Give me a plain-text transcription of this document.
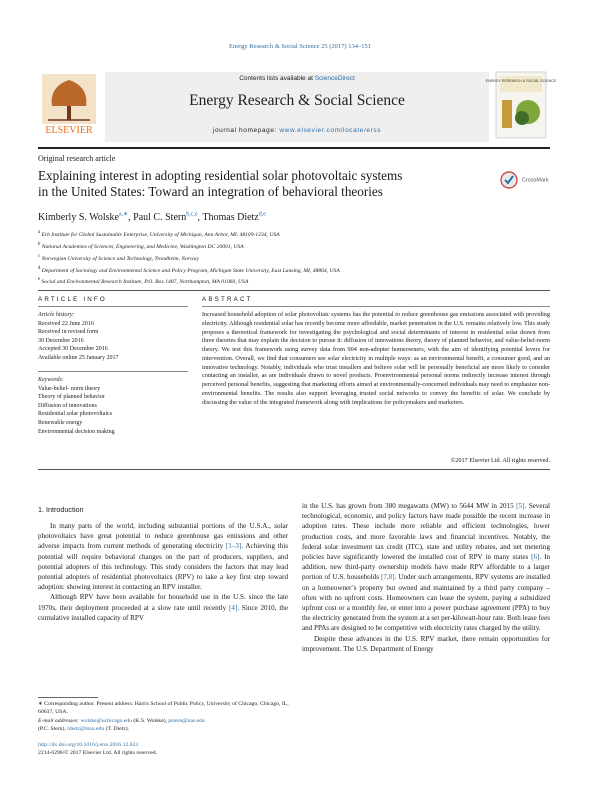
Energy Research & Social Science 25 (2017) 134–151
ELSEVIER
Contents lists available at ScienceDirect
Energy Research & Social Science
journal homepage: www.elsevier.com/locate/erss
ENERGY RESEARCH & SOCIAL SCIENCE
Original research article
Explaining interest in adopting residential solar photovoltaic systems
in the United States: Toward an integration of behavioral theories
CrossMark
Kimberly S. Wolske$^{a,∗}$, Paul C. Stern$^{b,c,e}$, Thomas Dietz$^{d,e}$
$^a$ Erb Institute for Global Sustainable Enterprise, University of Michigan, Ann Arbor, MI, 48109-1234, USA
$^b$ National Academies of Sciences, Engineering, and Medicine, Washington DC 20001, USA
$^c$ Norwegian University of Science and Technology, Trondheim, Norway
$^d$ Department of Sociology and Environmental Science and Policy Program, Michigan State University, East Lansing, MI, 48864, USA
$^e$ Social and Environmental Research Institute, P.O. Box 1487, Northampton, MA 01060, USA
ARTICLE INFO	ABSTRACT
Article history:
Received 22 June 2016
Received in revised form
30 December 2016
Accepted 30 December 2016
Available online 25 January 2017
Keywords:
Value-belief- norm theory
Theory of planned behavior
Diffusion of innovations
Residential solar photovoltaics
Renewable energy
Environmental decision making
Increased household adoption of solar photovoltaic systems has the potential to reduce greenhouse gas emissions associated with providing electricity. Although residential solar has recently become more affordable, market penetration in the U.S. remains relatively low. This study proposes a theoretical framework for investigating the psychological and social determinants of interest in residential solar drawn from three theories that may explain the decision to pursue it: diffusion of innovations theory, theory of planned behavior, and value-belief-norm theory. We test this framework using survey data from 904 non-adopter homeowners, with the aim of identifying potential levers for intervention. Overall, we find that consumers see solar electricity in multiple ways: as an environmental benefit, a consumer good, and an innovative technology. Notably, individuals who trust installers and believe solar will be personally beneficial are more likely to consider contacting an installer, as are individuals drawn to novel products. Proenvironmental personal norms indirectly increase interest through perceived personal benefits, suggesting that marketing efforts aimed at environmentally-concerned individuals may need to emphasize non-environmental benefits. The results also support leveraging trusted social networks to convey the benefits of solar. We conclude by discussing the value of the integrated framework along with implications for policymakers and marketers.
©2017 Elsevier Ltd. All rights reserved.
1. Introduction

In many parts of the world, including substantial portions of the U.S.A., solar photovoltaics have great potential to reduce greenhouse gas emissions and other adverse impacts from current methods of generating electricity [1–3]. Achieving this potential will require behavioral changes on the part of producers, suppliers, and potential adopters of this technology. This study considers the factors that may lead potential adopters of residential photovoltaics (RPV) to take a key first step toward adoption: showing interest in contacting an RPV installer.

Although RPV have been available for household use in the U.S. since the late 1970s, their deployment proceeded at a slow rate until recently [4]. Since 2010, the cumulative installed capacity of RPV

in the U.S. has grown from 380 megawatts (MW) to 5644 MW in 2015 [5]. Several technological, economic, and policy factors have made possible the recent increase in adoption rates. These include more reliable and efficient technologies, lower production costs, and more favorable laws and financial incentives. Notably, the federal solar investment tax credit (ITC), state and utility rebates, and net metering policies have significantly lowered the installed cost of RPV in many states [6]. In addition, new third-party ownership models have made RPV affordable to a larger portion of U.S. households [7,8]. Under such arrangements, RPV systems are installed on a homeowner’s property but owned and maintained by a third party company – often with no upfront costs. Homeowners can lease the system, paying a subsidized upfront cost or a monthly fee, or enter into a power purchase agreement (PPA) to buy the electricity generated from the system at a set per-kilowatt-hour rate. Both lease fees and PPAs are designed to be competitive with electricity rates charged by the utility.

Despite these advances in the U.S. RPV market, there remain opportunities for improvement. The U.S. Department of Energy

∗ Corresponding author. Present address: Harris School of Public Policy, University of Chicago, Chicago, IL, 60637, USA.
E-mail addresses: wolske@uchicago.edu (K.S. Wolske), pstern@nas.edu
(P.C. Stern), tdietz@msu.edu (T. Dietz).
http://dx.doi.org/10.1016/j.erss.2016.12.023
2214-6296/© 2017 Elsevier Ltd. All rights reserved.
